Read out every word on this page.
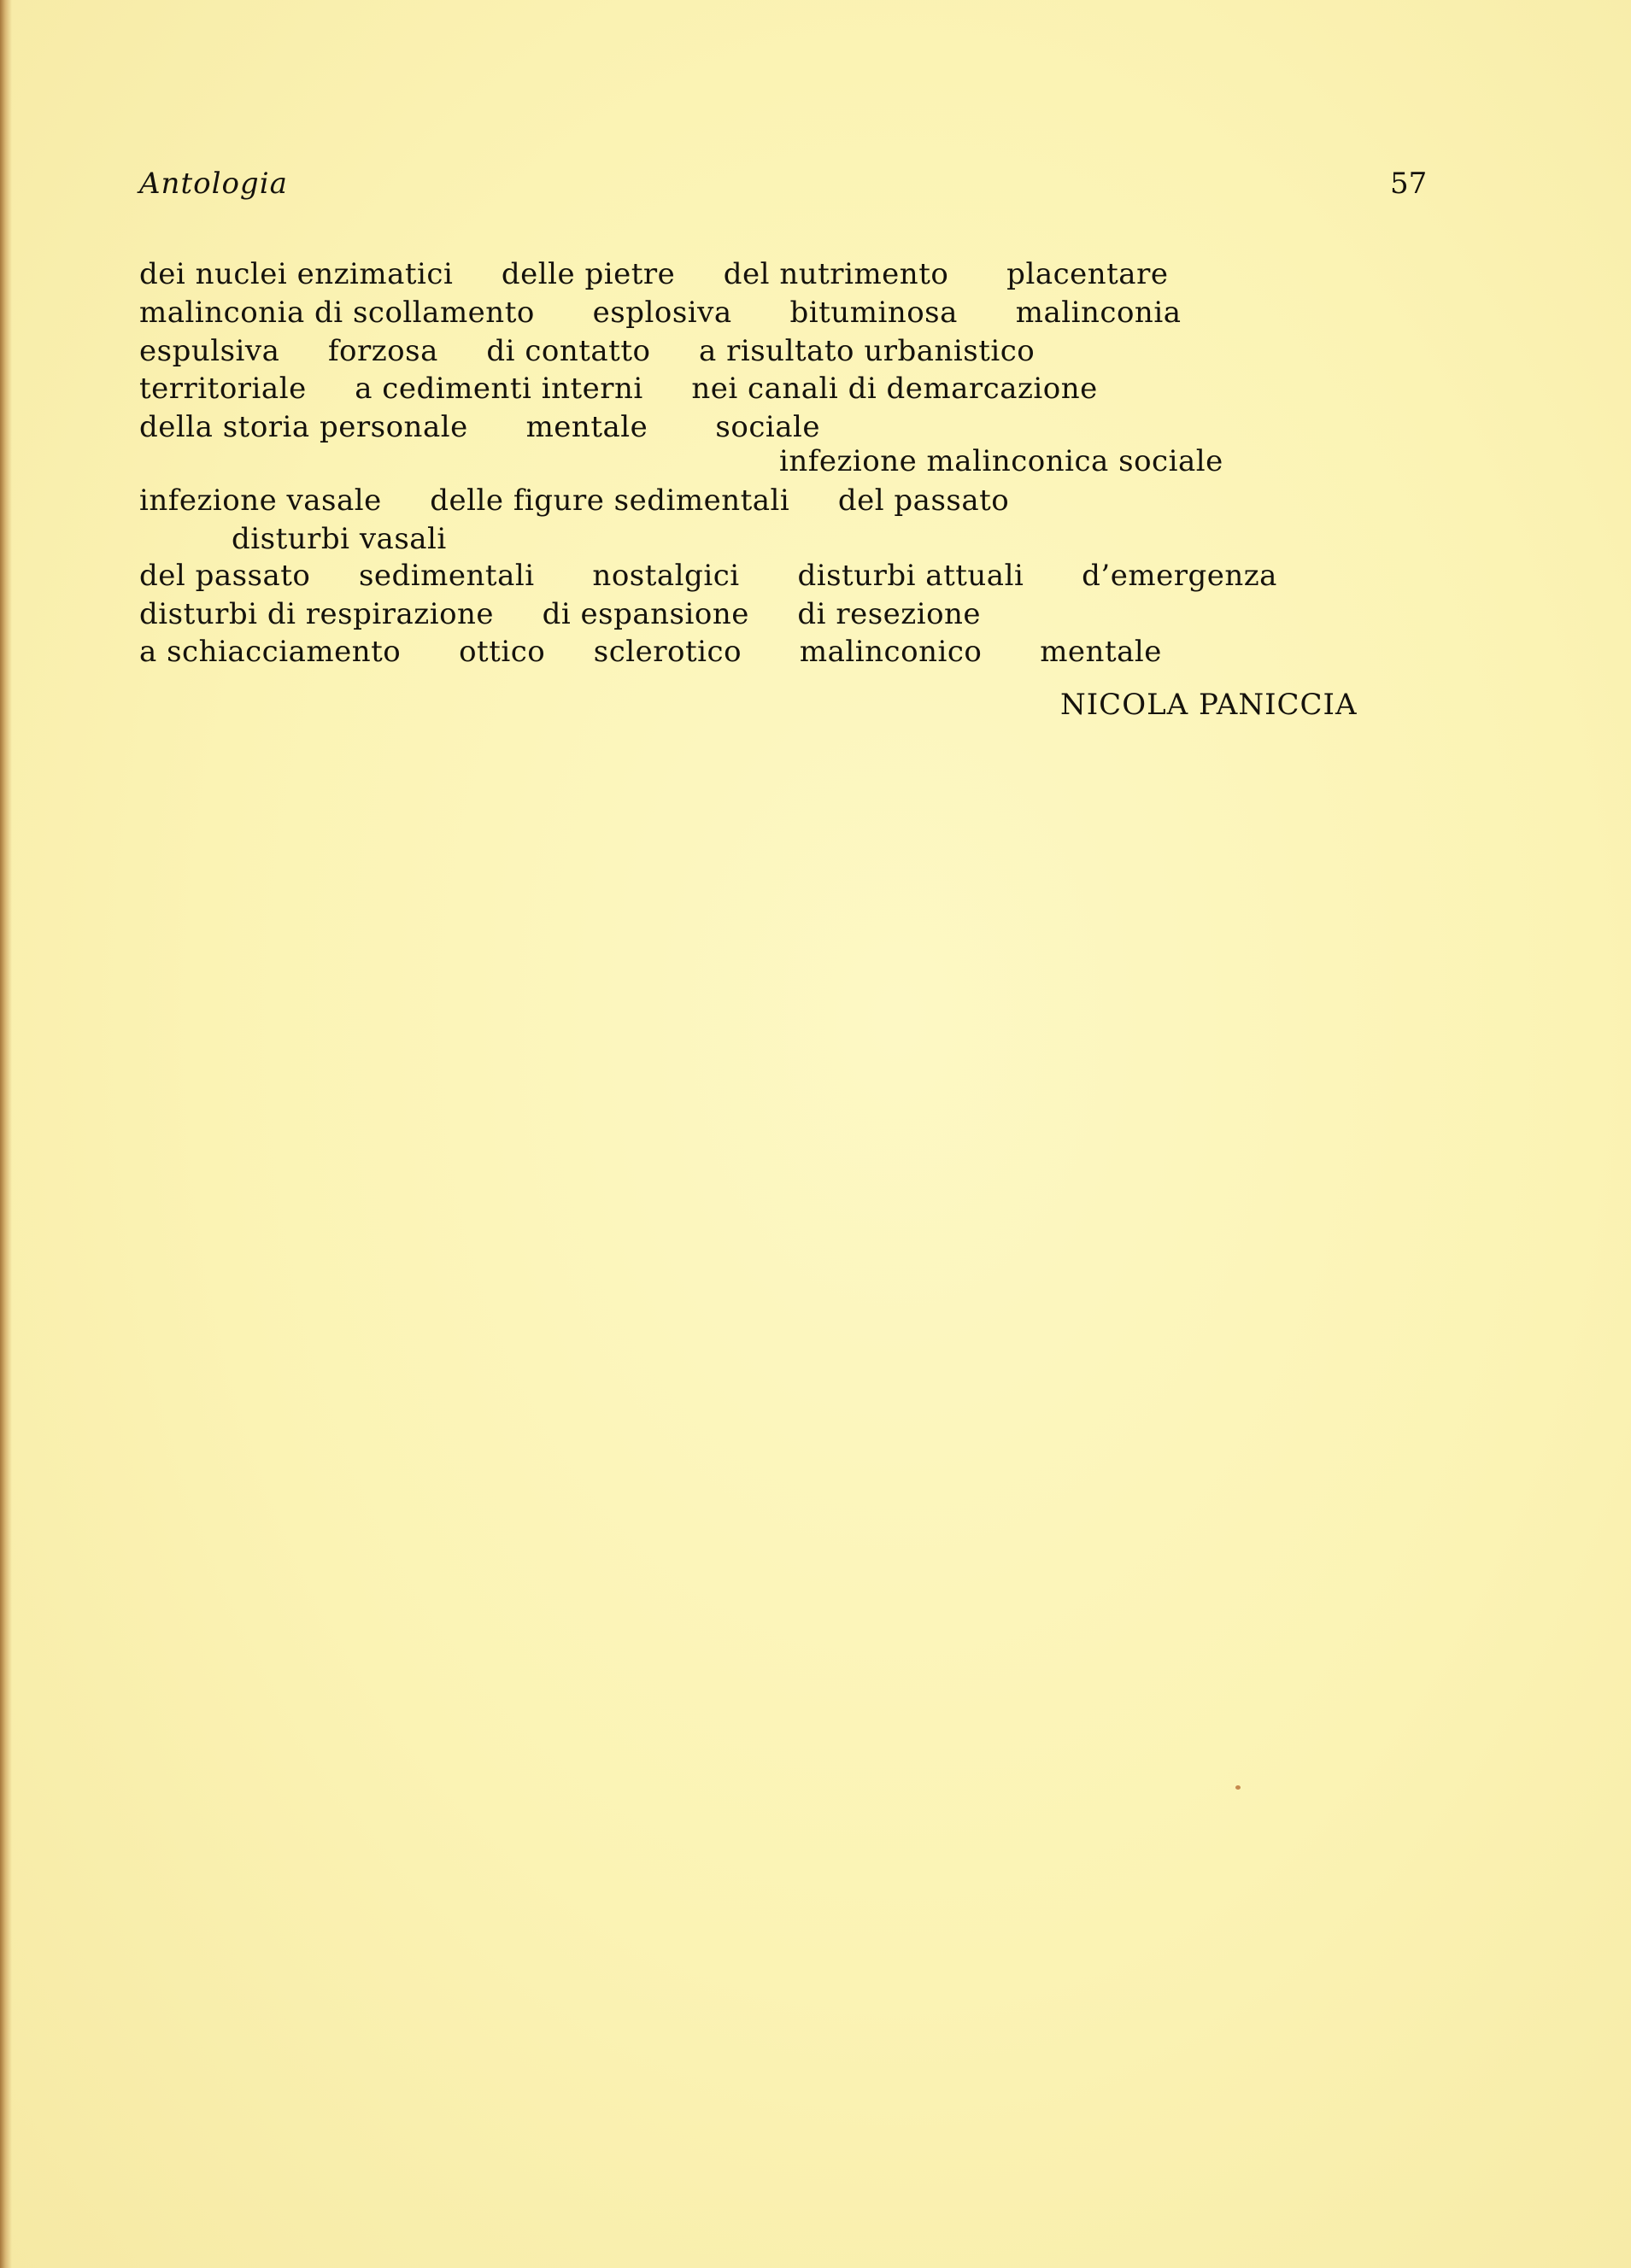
Antologia	57
dei nuclei enzimatici     delle pietre     del nutrimento      placentare
malinconia di scollamento      esplosiva      bituminosa      malinconia
espulsiva     forzosa     di contatto     a risultato urbanistico
territoriale     a cedimenti interni     nei canali di demarcazione
della storia personale      mentale       sociale
infezione malinconica sociale
infezione vasale     delle figure sedimentali     del passato
disturbi vasali
del passato     sedimentali      nostalgici      disturbi attuali      d’emergenza
disturbi di respirazione     di espansione     di resezione
a schiacciamento      ottico     sclerotico      malinconico      mentale
NICOLA PANICCIA
